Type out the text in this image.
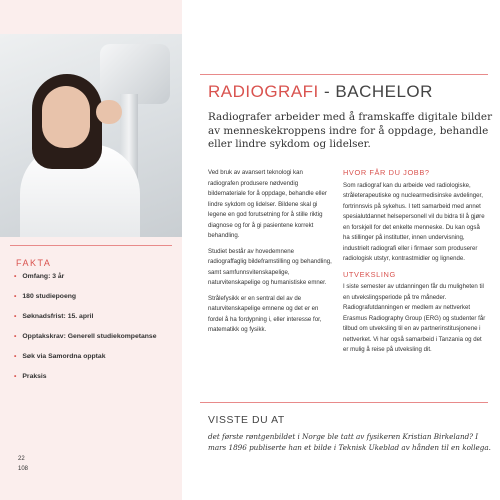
FAKTA
• Omfang: 3 år
• 180 studiepoeng
• Søknadsfrist: 15. april
• Opptakskrav: Generell studiekompetanse
• Søk via Samordna opptak
• Praksis
22
108
RADIOGRAFI - BACHELOR
Radiografer arbeider med å framskaffe digitale bilder av menneskekroppens indre for å oppdage, behandle eller lindre sykdom og lidelser.

Ved bruk av avansert teknologi kan radiografen produsere nødvendig bildemateriale for å oppdage, behandle eller lindre sykdom og lidelser. Bildene skal gi legene en god forutsetning for å stille riktig diagnose og for å gi pasientene korrekt behandling.

Studiet består av hovedemnene radiograffaglig bildeframstilling og behandling, samt samfunnsvitenskapelige, naturvitenskapelige og humanistiske emner.

Strålefysikk er en sentral del av de naturvitenskapelige emnene og det er en fordel å ha fordypning i, eller interesse for, matematikk og fysikk.

HVOR FÅR DU JOBB?

Som radiograf kan du arbeide ved radiologiske, stråleterapeutiske og nuclearmedisinske avdelinger, fortrinnsvis på sykehus. I tett samarbeid med annet spesialutdannet helsepersonell vil du bidra til å gjøre en forskjell for det enkelte menneske. Du kan også ha stillinger på institutter, innen undervisning, industrielt radiografi eller i firmaer som produserer radiologisk utstyr, kontrastmidler og lignende.

UTVEKSLING

I siste semester av utdanningen får du muligheten til en utvekslingsperiode på tre måneder. Radiografutdanningen er medlem av nettverket Erasmus Radiography Group (ERG) og studenter får tilbud om utveksling til en av partnerinstitusjonene i nettverket. Vi har også samarbeid i Tanzania og det er mulig å reise på utveksling dit.

VISSTE DU AT
det første røntgenbildet i Norge ble tatt av fysikeren Kristian Birkeland? I mars 1896 publiserte han et bilde i Teknisk Ukeblad av hånden til en kollega.
